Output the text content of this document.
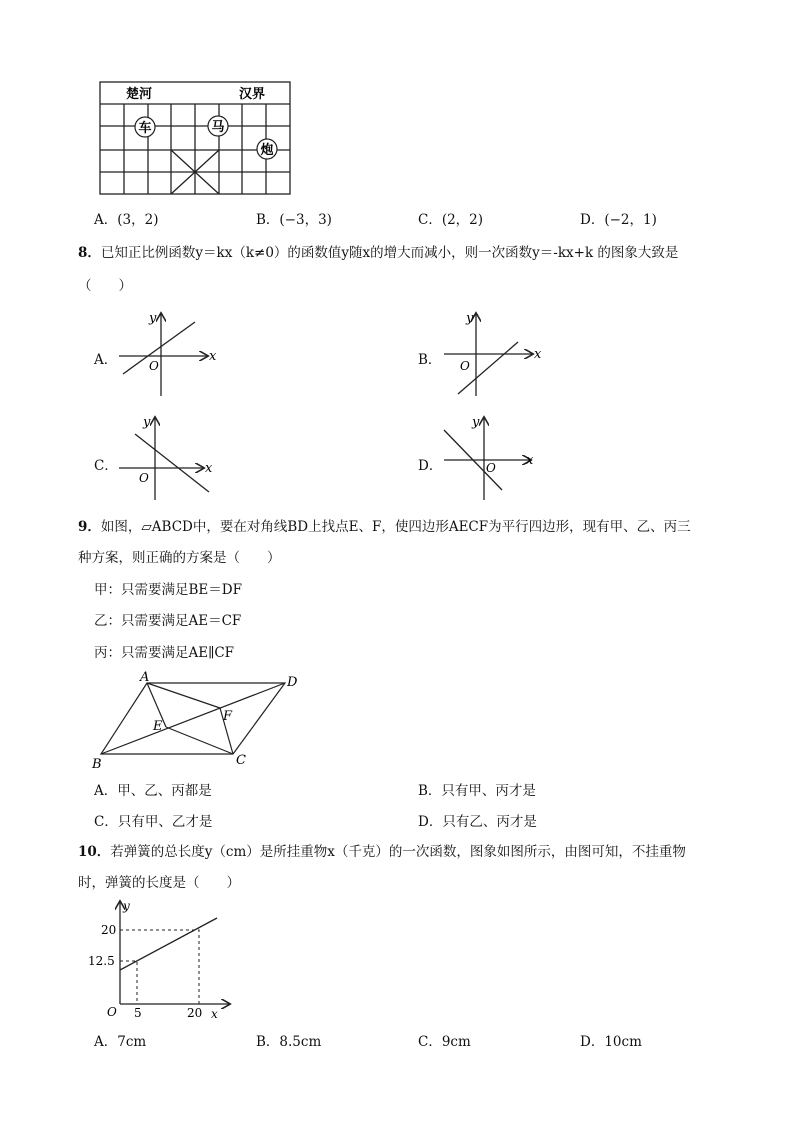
楚河	汉界
车	马
炮
A．(3，2)	B．(−3，3)	C．(2，2)	D．(−2，1)
8．已知正比例函数y＝kx（k≠0）的函数值y随x的增大而减小，则一次函数y＝-kx+k 的图象大致是
（　　）
A．	x
y
O	B．	x
y
O
C．	x
y
O
D．	x
y
O
9．如图，▱ABCD中，要在对角线BD上找点E、F，使四边形AECF为平行四边形，现有甲、乙、丙三
种方案，则正确的方案是（　　）
甲：只需要满足BE＝DF
乙：只需要满足AE＝CF
丙：只需要满足AE∥CF
A	D
B	C
E
F
A．甲、乙、丙都是	B．只有甲、丙才是
C．只有甲、乙才是	D．只有乙、丙才是
10．若弹簧的总长度y（cm）是所挂重物x（千克）的一次函数，图象如图所示，由图可知，不挂重物
时，弹簧的长度是（　　）
y
x
O
20
12.5
5	20
A．7cm	B．8.5cm	C．9cm	D．10cm
